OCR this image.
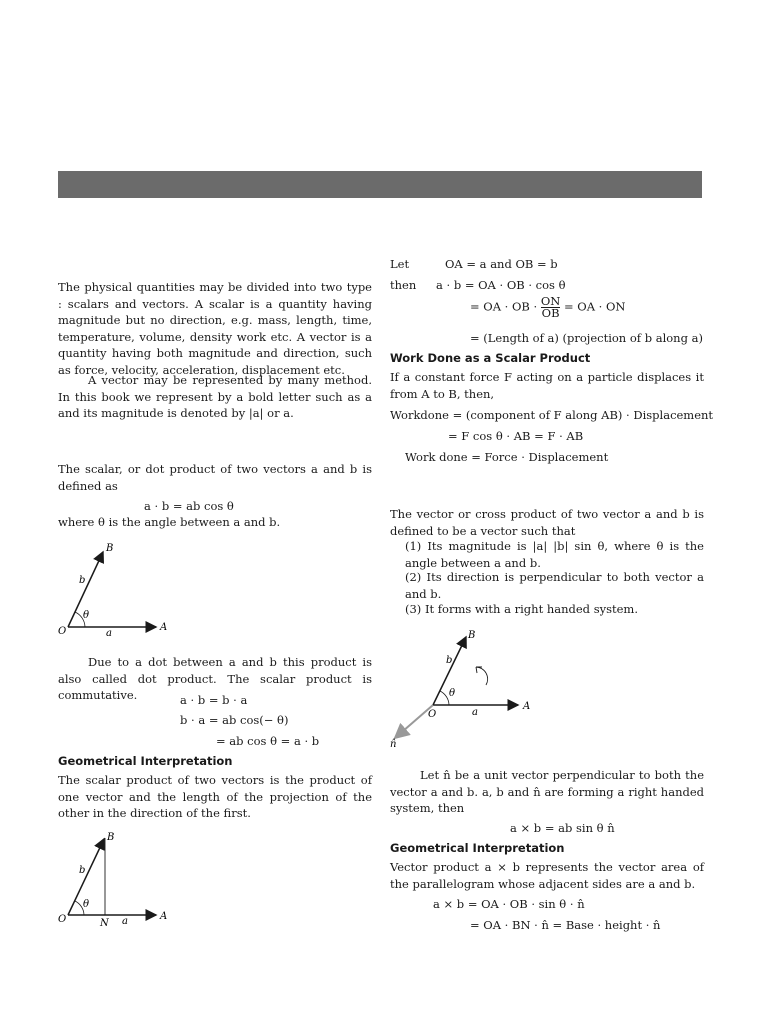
The physical quantities may be divided into two type : scalars and vectors. A scalar is a quantity having magnitude but no direction, e.g. mass, length, time, temperature, volume, density work etc. A vector is a quantity having both magnitude and direction, such as force, velocity, acceleration, displacement etc.

A vector may be represented by many method. In this book we represent by a bold letter such as a and its magnitude is denoted by |a| or a.

The scalar, or dot product of two vectors a and b is defined as

a · b = ab cos θ

where θ is the angle between a and b.

B
b
θ
O	a
A

Due to a dot between a and b this product is also called dot product. The scalar product is commutative.	a · b = b · a
b · a = ab cos(− θ)
= ab cos θ = a · b
Geometrical Interpretation

The scalar product of two vectors is the product of one vector and the length of the projection of the other in the direction of the first.

B
b
θ
O	N a	A
Let	OA = a and OB = b
then a · b = OA · OB · cos θ
= OA · OB · $\frac{ON}{OB}$ = OA · ON
= (Length of a) (projection of b along a)
Work Done as a Scalar Product

If a constant force F acting on a particle displaces it from A to B, then,

Workdone = (component of F along AB) · Displacement
= F cos θ · AB = F · AB
Work done = Force · Displacement

The vector or cross product of two vector a and b is defined to be a vector such that

(1) Its magnitude is |a| |b| sin θ, where θ is the angle between a and b.

(2) Its direction is perpendicular to both vector a and b.

(3) It forms with a right handed system.

B
b
θ
O	a
A
n̂

Let n̂ be a unit vector perpendicular to both the vector a and b. a, b and n̂ are forming a right handed system, then

a × b = ab sin θ n̂
Geometrical Interpretation

Vector product a × b represents the vector area of the parallelogram whose adjacent sides are a and b.

a × b = OA · OB · sin θ · n̂
= OA · BN · n̂ = Base · height · n̂
